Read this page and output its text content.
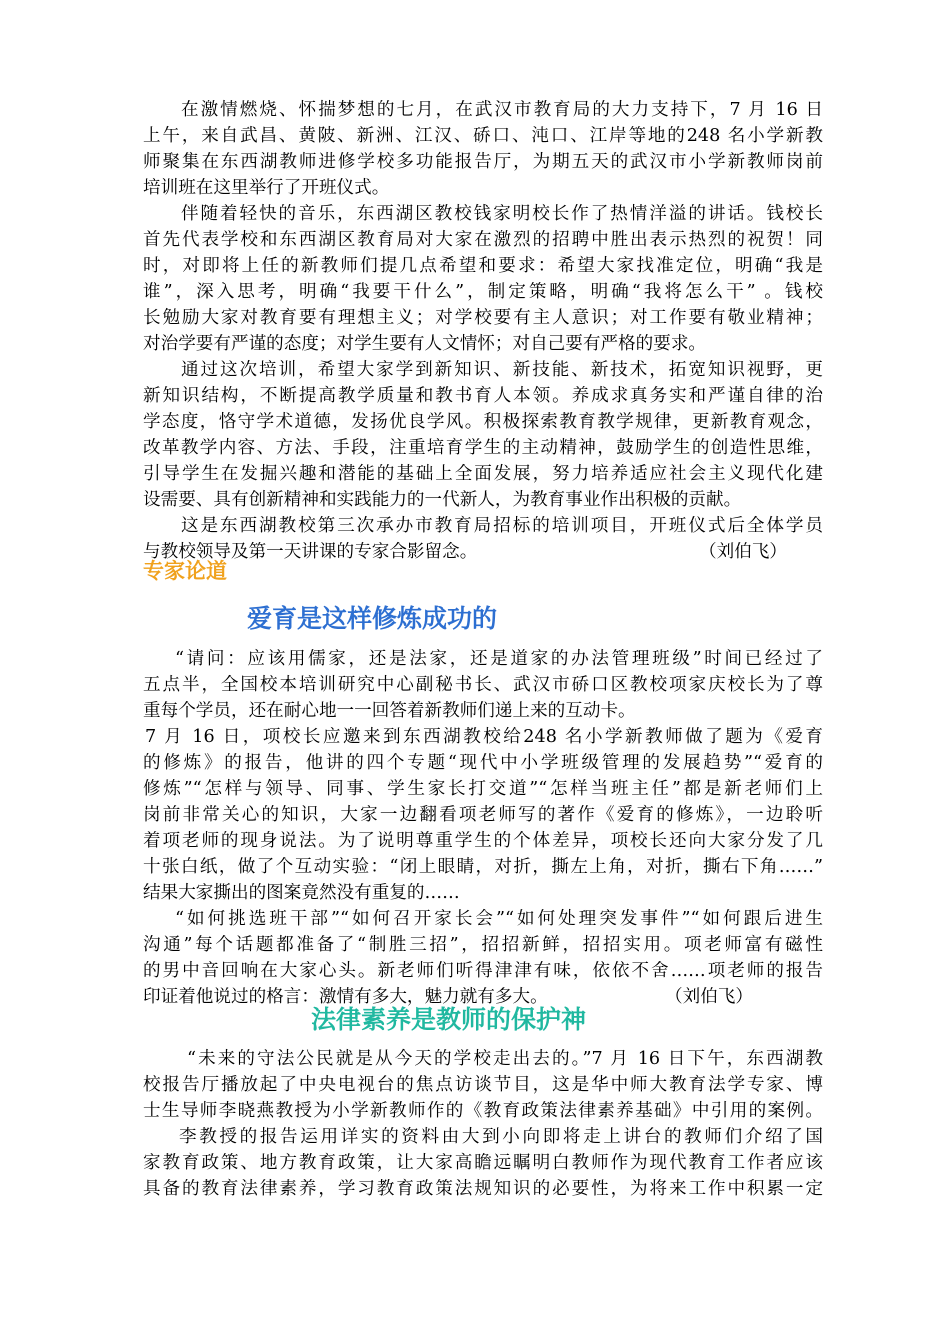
在激情燃烧、怀揣梦想的七月，在武汉市教育局的大力支持下，7 月 16 日
上午，来自武昌、黄陂、新洲、江汉、硚口、沌口、江岸等地的248 名小学新教
师聚集在东西湖教师进修学校多功能报告厅，为期五天的武汉市小学新教师岗前
培训班在这里举行了开班仪式。
伴随着轻快的音乐，东西湖区教校钱家明校长作了热情洋溢的讲话。钱校长
首先代表学校和东西湖区教育局对大家在激烈的招聘中胜出表示热烈的祝贺！同
时，对即将上任的新教师们提几点希望和要求：希望大家找准定位，明确“我是
谁”，深入思考，明确“我要干什么”，制定策略，明确“我将怎么干” 。钱校
长勉励大家对教育要有理想主义；对学校要有主人意识；对工作要有敬业精神；
对治学要有严谨的态度；对学生要有人文情怀；对自己要有严格的要求。
通过这次培训，希望大家学到新知识、新技能、新技术，拓宽知识视野，更
新知识结构，不断提高教学质量和教书育人本领。养成求真务实和严谨自律的治
学态度，恪守学术道德，发扬优良学风。积极探索教育教学规律，更新教育观念，
改革教学内容、方法、手段，注重培育学生的主动精神，鼓励学生的创造性思维，
引导学生在发掘兴趣和潜能的基础上全面发展，努力培养适应社会主义现代化建
设需要、具有创新精神和实践能力的一代新人，为教育事业作出积极的贡献。
这是东西湖教校第三次承办市教育局招标的培训项目，开班仪式后全体学员
与教校领导及第一天讲课的专家合影留念。	（刘伯飞）
专家论道
爱育是这样修炼成功的
“请问：应该用儒家，还是法家，还是道家的办法管理班级”时间已经过了
五点半，全国校本培训研究中心副秘书长、武汉市硚口区教校项家庆校长为了尊
重每个学员，还在耐心地一一回答着新教师们递上来的互动卡。
7 月 16 日，项校长应邀来到东西湖教校给248 名小学新教师做了题为《爱育
的修炼》的报告，他讲的四个专题“现代中小学班级管理的发展趋势”“爱育的
修炼”“怎样与领导、同事、学生家长打交道”“怎样当班主任”都是新老师们上
岗前非常关心的知识，大家一边翻看项老师写的著作《爱育的修炼》，一边聆听
着项老师的现身说法。为了说明尊重学生的个体差异，项校长还向大家分发了几
十张白纸，做了个互动实验：“闭上眼睛，对折，撕左上角，对折，撕右下角……”
结果大家撕出的图案竟然没有重复的……
“如何挑选班干部”“如何召开家长会”“如何处理突发事件”“如何跟后进生
沟通”每个话题都准备了“制胜三招”，招招新鲜，招招实用。项老师富有磁性
的男中音回响在大家心头。新老师们听得津津有味，依依不舍……项老师的报告
印证着他说过的格言：激情有多大，魅力就有多大。	（刘伯飞）
法律素养是教师的保护神
“未来的守法公民就是从今天的学校走出去的。”7 月 16 日下午，东西湖教
校报告厅播放起了中央电视台的焦点访谈节目，这是华中师大教育法学专家、博
士生导师李晓燕教授为小学新教师作的《教育政策法律素养基础》中引用的案例。
李教授的报告运用详实的资料由大到小向即将走上讲台的教师们介绍了国
家教育政策、地方教育政策，让大家高瞻远瞩明白教师作为现代教育工作者应该
具备的教育法律素养，学习教育政策法规知识的必要性，为将来工作中积累一定
